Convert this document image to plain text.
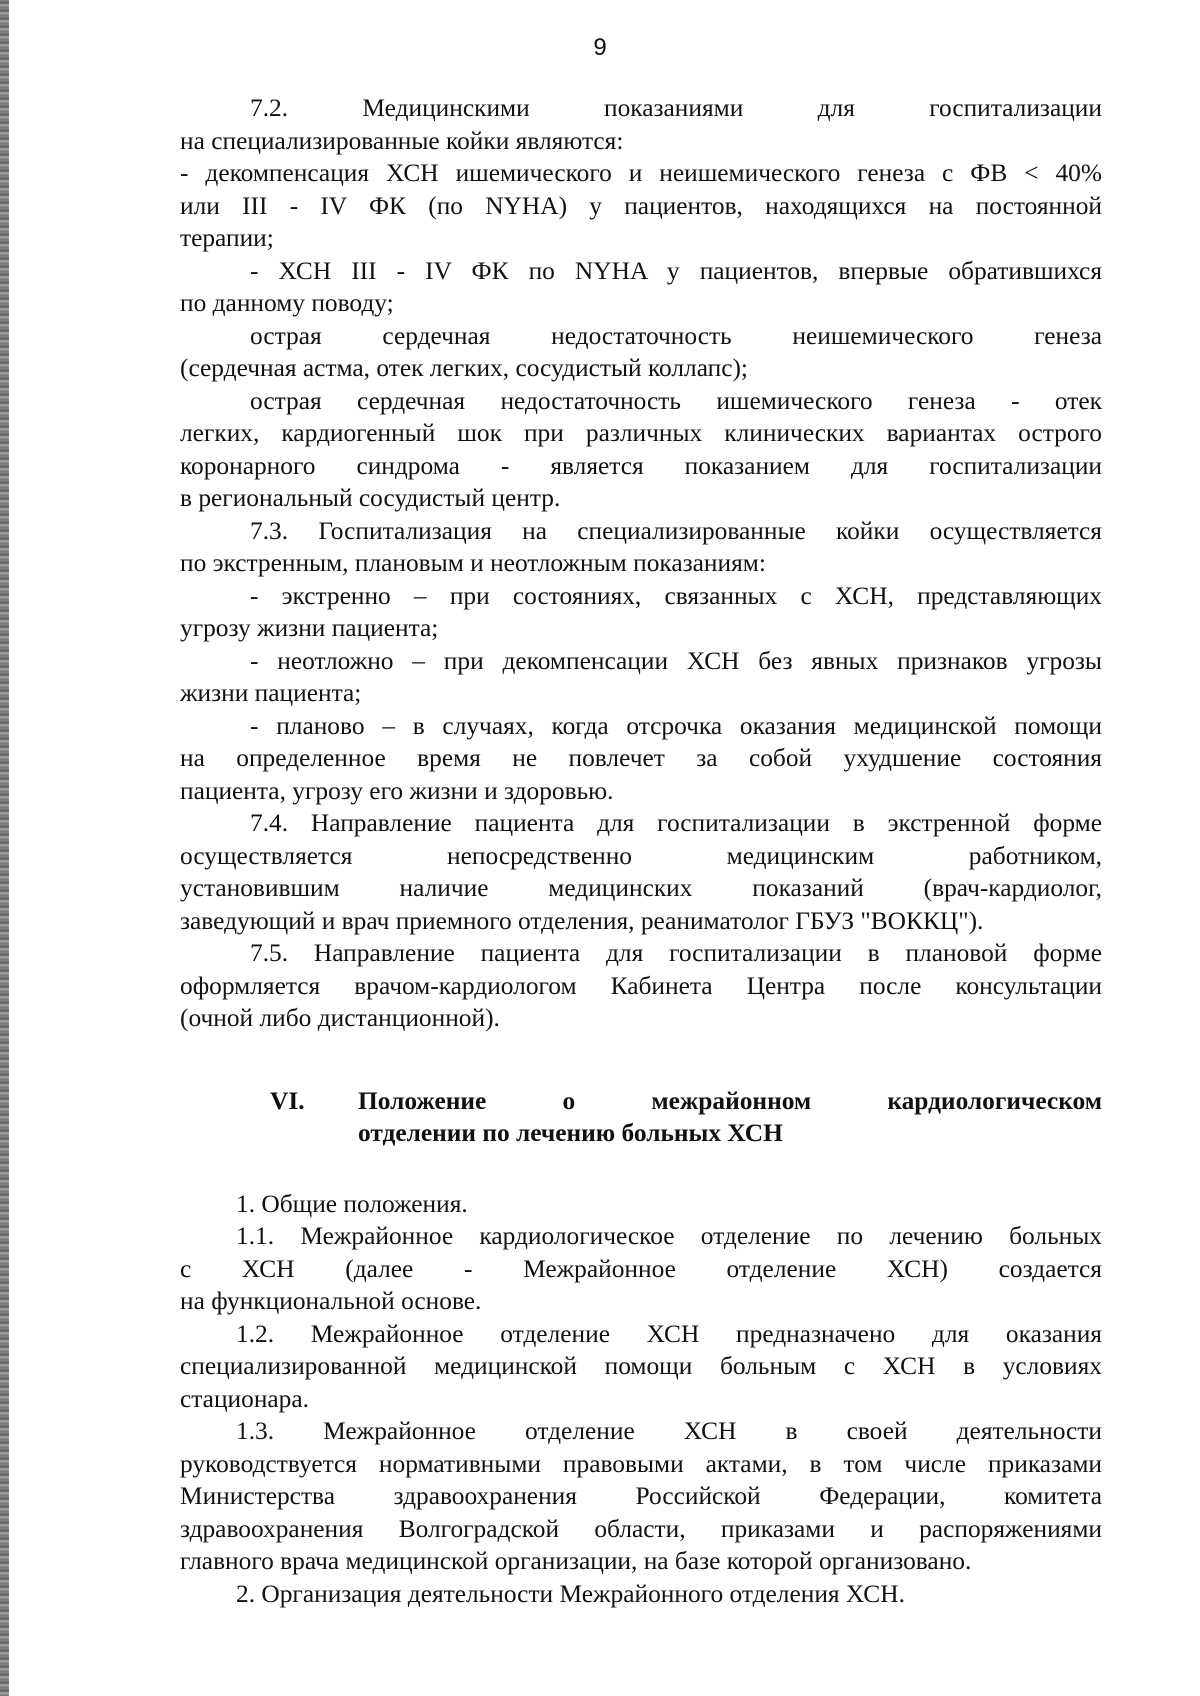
9

7.2. Медицинскими показаниями для госпитализации

на специализированные койки являются:

- декомпенсация ХСН ишемического и неишемического генеза с ФВ < 40%

или III - IV ФК (по NYHA) у пациентов, находящихся на постоянной

терапии;

- ХСН III - IV ФК по NYHA у пациентов, впервые обратившихся

по данному поводу;

острая сердечная недостаточность неишемического генеза

(сердечная астма, отек легких, сосудистый коллапс);

острая сердечная недостаточность ишемического генеза - отек

легких, кардиогенный шок при различных клинических вариантах острого

коронарного синдрома - является показанием для госпитализации

в региональный сосудистый центр.

7.3. Госпитализация на специализированные койки осуществляется

по экстренным, плановым и неотложным показаниям:

- экстренно – при состояниях, связанных с ХСН, представляющих

угрозу жизни пациента;

- неотложно – при декомпенсации ХСН без явных признаков угрозы

жизни пациента;

- планово – в случаях, когда отсрочка оказания медицинской помощи

на определенное время не повлечет за собой ухудшение состояния

пациента, угрозу его жизни и здоровью.

7.4. Направление пациента для госпитализации в экстренной форме

осуществляется непосредственно медицинским работником,

установившим наличие медицинских показаний (врач-кардиолог,

заведующий и врач приемного отделения, реаниматолог ГБУЗ "ВОККЦ").

7.5. Направление пациента для госпитализации в плановой форме

оформляется врачом-кардиологом Кабинета Центра после консультации

(очной либо дистанционной).

VI. Положение о межрайонном кардиологическом

отделении по лечению больных ХСН

1. Общие положения.

1.1. Межрайонное кардиологическое отделение по лечению больных

с ХСН (далее - Межрайонное отделение ХСН) создается

на функциональной основе.

1.2. Межрайонное отделение ХСН предназначено для оказания

специализированной медицинской помощи больным с ХСН в условиях

стационара.

1.3. Межрайонное отделение ХСН в своей деятельности

руководствуется нормативными правовыми актами, в том числе приказами

Министерства здравоохранения Российской Федерации, комитета

здравоохранения Волгоградской области, приказами и распоряжениями

главного врача медицинской организации, на базе которой организовано.

2. Организация деятельности Межрайонного отделения ХСН.
